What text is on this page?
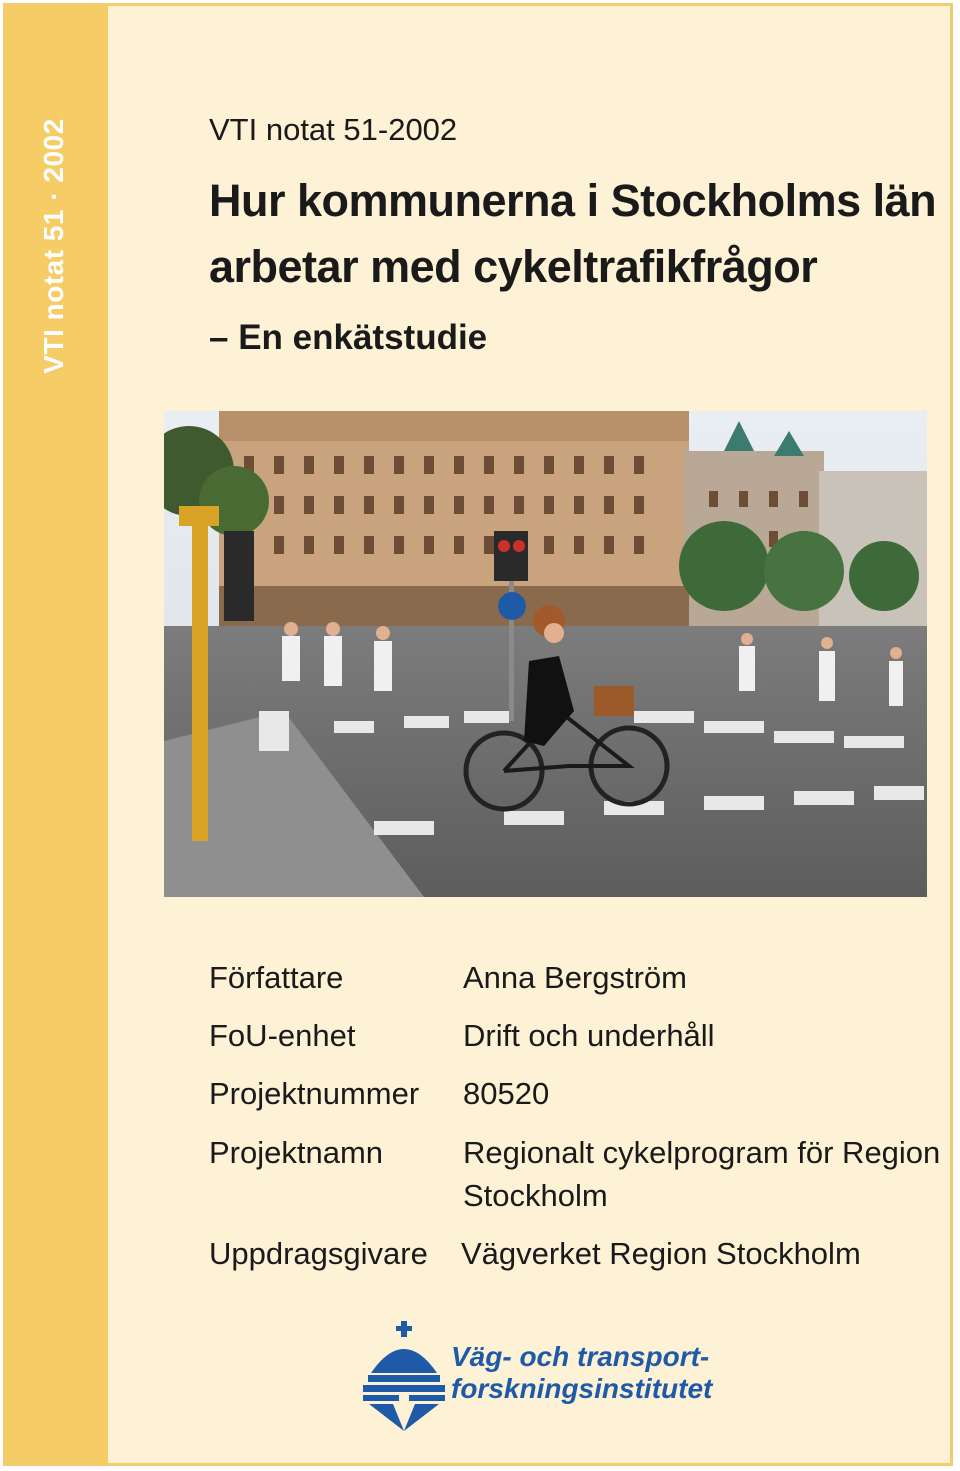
VTI notat 51 · 2002	VTI notat 51-2002
Hur kommunerna i Stockholms län
arbetar med cykeltrafikfrågor
– En enkätstudie
Författare	Anna Bergström
FoU-enhet	Drift och underhåll
Projektnummer 80520
Projektnamn	Regionalt cykelprogram för Region
Stockholm
Uppdragsgivare Vägverket Region Stockholm
Väg- och transport-
forskningsinstitutet
